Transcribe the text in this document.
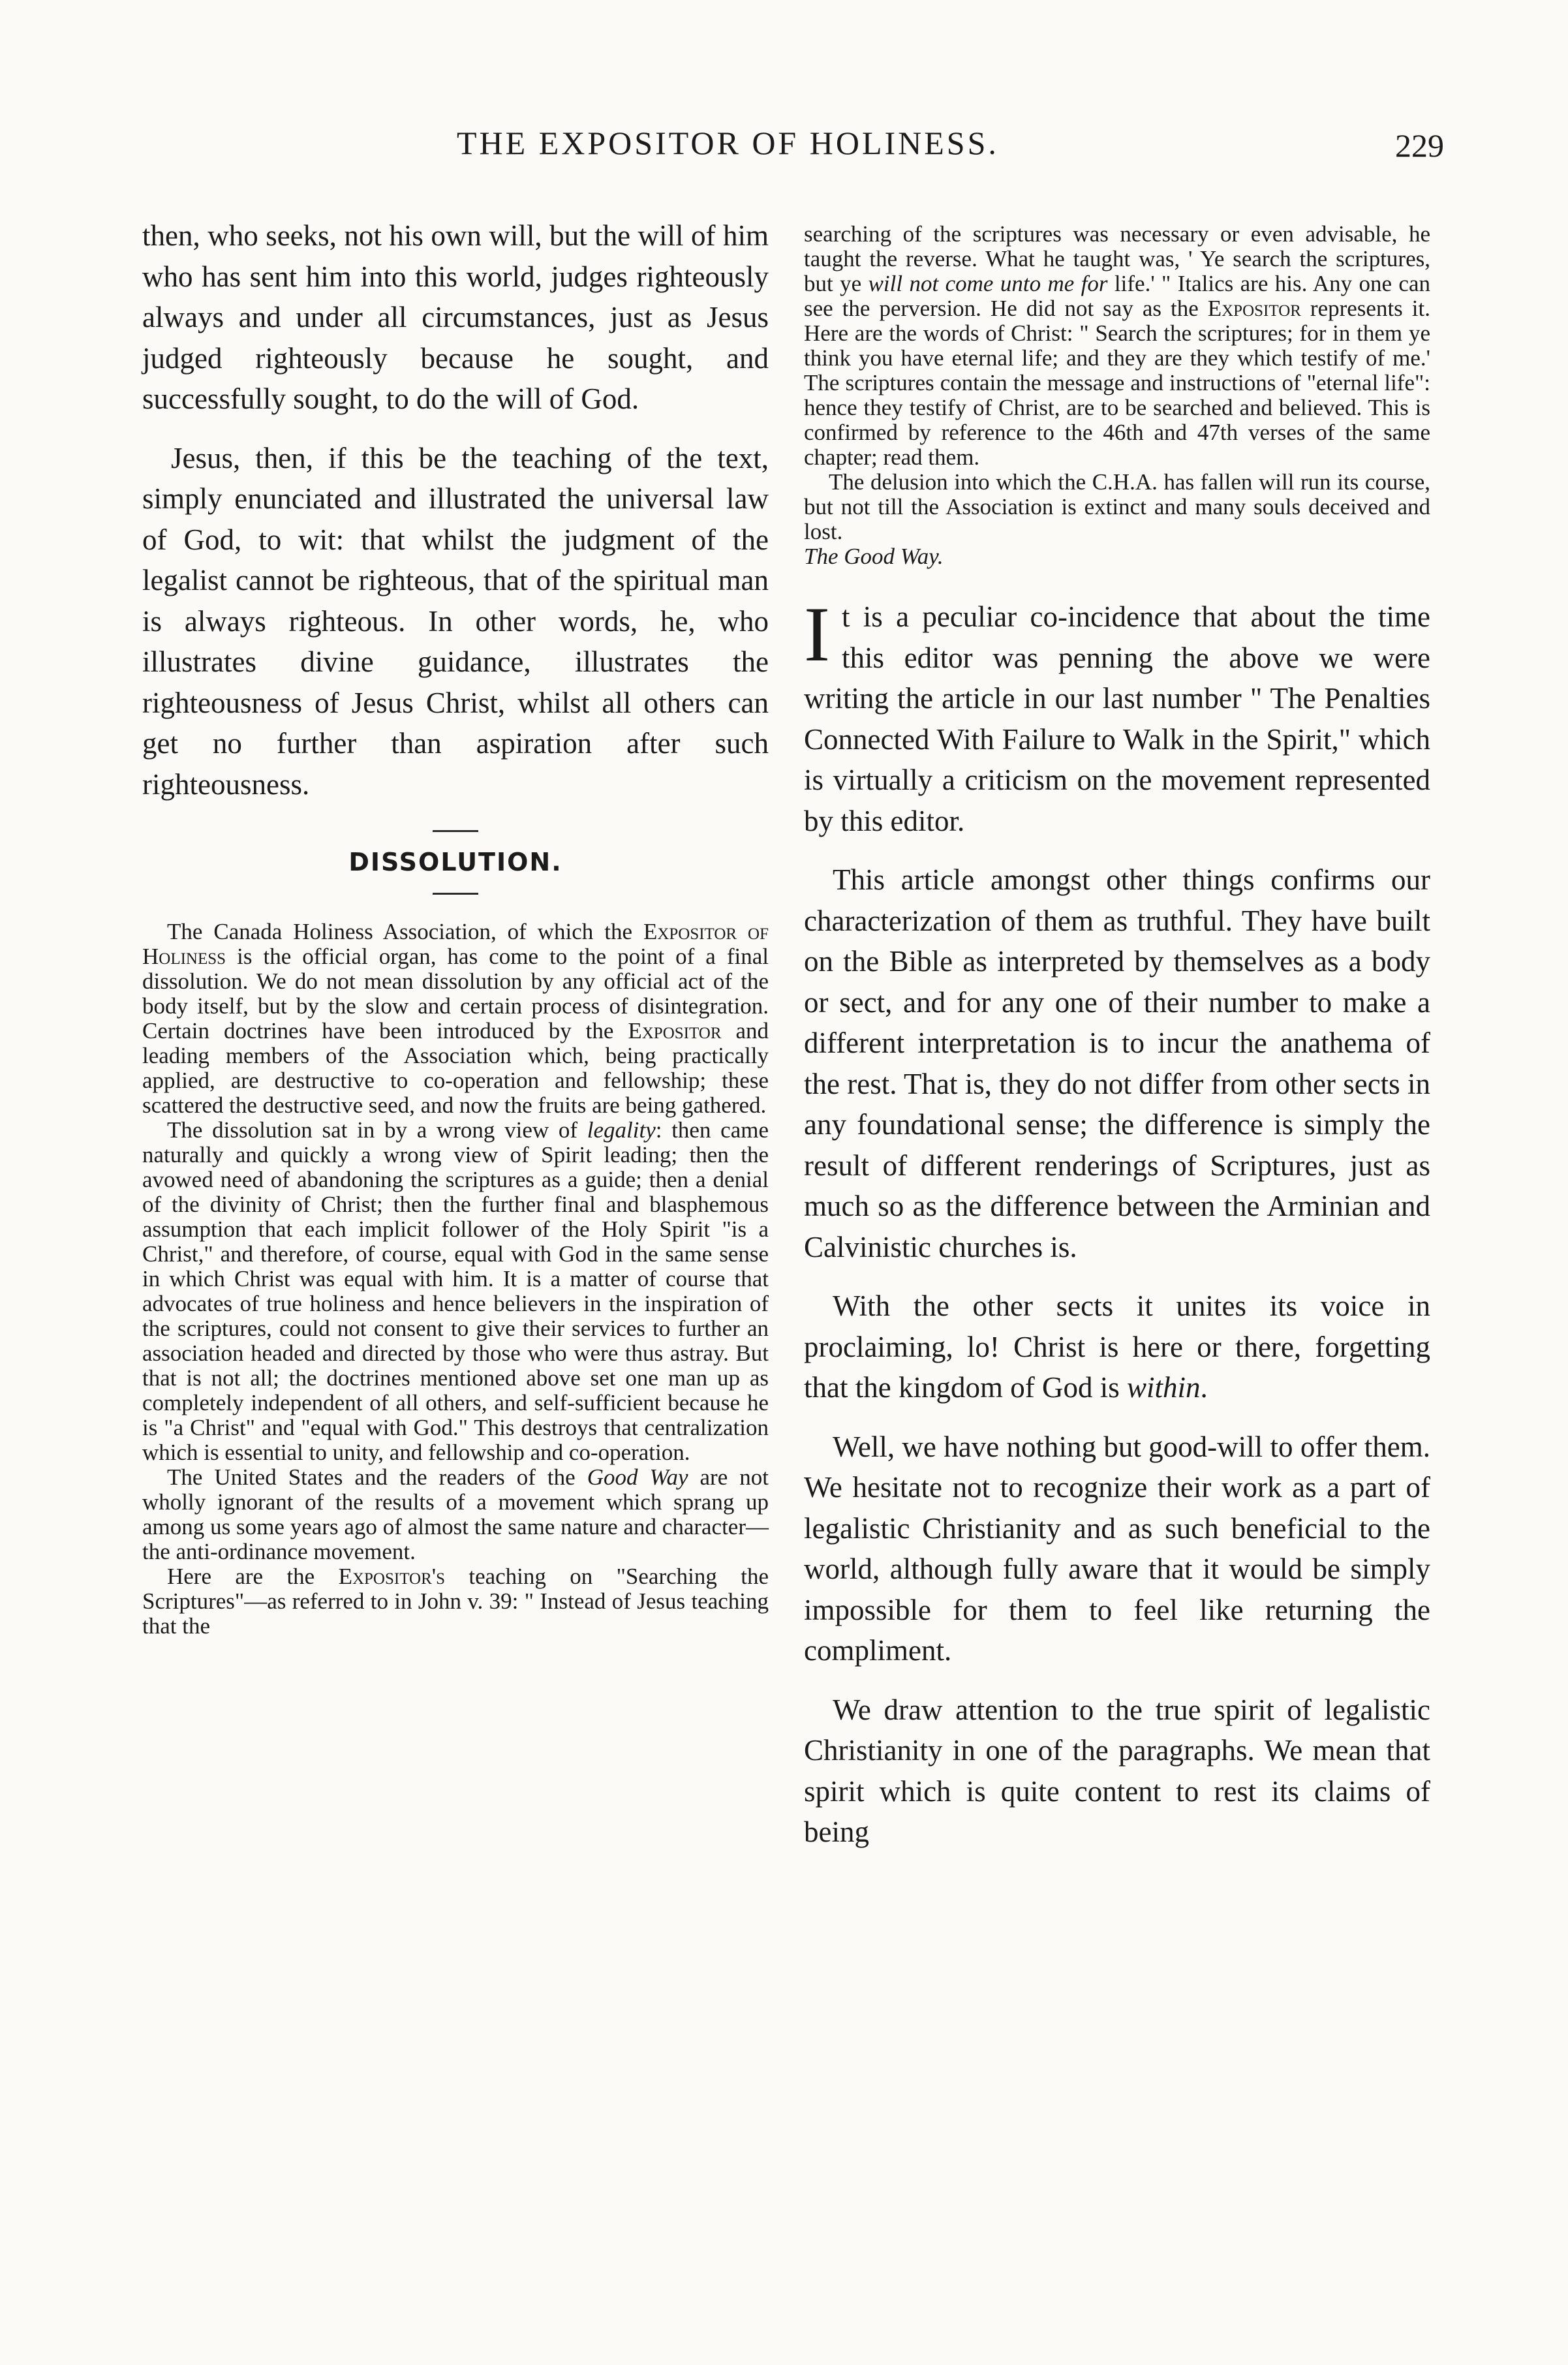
THE EXPOSITOR OF HOLINESS.	229

then, who seeks, not his own will, but the will of him who has sent him into this world, judges righteously always and under all circumstances, just as Jesus judged righteously because he sought, and successfully sought, to do the will of God.

Jesus, then, if this be the teaching of the text, simply enunciated and illustrated the universal law of God, to wit: that whilst the judgment of the legalist cannot be righteous, that of the spiritual man is always righteous. In other words, he, who illustrates divine guidance, illustrates the righteousness of Jesus Christ, whilst all others can get no further than aspiration after such righteousness.

DISSOLUTION.

The Canada Holiness Association, of which the Expositor of Holiness is the official organ, has come to the point of a final dissolution. We do not mean dissolution by any official act of the body itself, but by the slow and certain process of disintegration. Certain doctrines have been introduced by the Expositor and leading members of the Association which, being practically applied, are destructive to co-operation and fellowship; these scattered the destructive seed, and now the fruits are being gathered.

The dissolution sat in by a wrong view of legality: then came naturally and quickly a wrong view of Spirit leading; then the avowed need of abandoning the scriptures as a guide; then a denial of the divinity of Christ; then the further final and blasphemous assumption that each implicit follower of the Holy Spirit "is a Christ," and therefore, of course, equal with God in the same sense in which Christ was equal with him. It is a matter of course that advocates of true holiness and hence believers in the inspiration of the scriptures, could not consent to give their services to further an association headed and directed by those who were thus astray. But that is not all; the doctrines mentioned above set one man up as completely independent of all others, and self-sufficient because he is "a Christ" and "equal with God." This destroys that centralization which is essential to unity, and fellowship and co-operation.

The United States and the readers of the Good Way are not wholly ignorant of the results of a movement which sprang up among us some years ago of almost the same nature and character—the anti-ordinance movement.

Here are the Expositor's teaching on "Searching the Scriptures"—as referred to in John v. 39: " Instead of Jesus teaching that the

searching of the scriptures was necessary or even advisable, he taught the reverse. What he taught was, ' Ye search the scriptures, but ye will not come unto me for life.' " Italics are his. Any one can see the perversion. He did not say as the Expositor represents it. Here are the words of Christ: " Search the scriptures; for in them ye think you have eternal life; and they are they which testify of me.' The scriptures contain the message and instructions of "eternal life": hence they testify of Christ, are to be searched and believed. This is confirmed by reference to the 46th and 47th verses of the same chapter; read them.

The delusion into which the C.H.A. has fallen will run its course, but not till the Association is extinct and many souls deceived and lost.

The Good Way.

It is a peculiar co-incidence that about the time this editor was penning the above we were writing the article in our last number " The Penalties Connected With Failure to Walk in the Spirit," which is virtually a criticism on the movement represented by this editor.

This article amongst other things confirms our characterization of them as truthful. They have built on the Bible as interpreted by themselves as a body or sect, and for any one of their number to make a different interpretation is to incur the anathema of the rest. That is, they do not differ from other sects in any foundational sense; the difference is simply the result of different renderings of Scriptures, just as much so as the difference between the Arminian and Calvinistic churches is.

With the other sects it unites its voice in proclaiming, lo! Christ is here or there, forgetting that the kingdom of God is within.

Well, we have nothing but good-will to offer them. We hesitate not to recognize their work as a part of legalistic Christianity and as such beneficial to the world, although fully aware that it would be simply impossible for them to feel like returning the compliment.

We draw attention to the true spirit of legalistic Christianity in one of the paragraphs. We mean that spirit which is quite content to rest its claims of being
